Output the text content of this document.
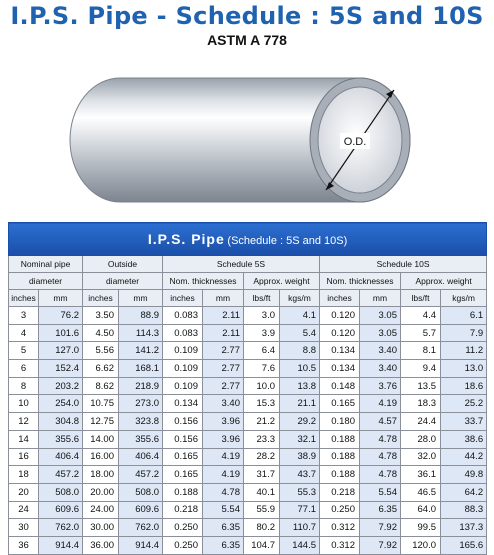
I.P.S. Pipe - Schedule : 5S and 10S
ASTM A 778
O.D.
I.P.S. Pipe (Schedule : 5S and 10S)											
Nominal pipe		Outside		Schedule 5S				Schedule 10S			
diameter		diameter		Nom. thicknesses		Approx. weight		Nom. thicknesses		Approx. weight	
inches	mm	inches	mm	inches	mm	lbs/ft	kgs/m	inches	mm	lbs/ft	kgs/m
3	76.2	3.50	88.9	0.083	2.11	3.0	4.1	0.120	3.05	4.4	6.1
4	101.6	4.50	114.3	0.083	2.11	3.9	5.4	0.120	3.05	5.7	7.9
5	127.0	5.56	141.2	0.109	2.77	6.4	8.8	0.134	3.40	8.1	11.2
6	152.4	6.62	168.1	0.109	2.77	7.6	10.5	0.134	3.40	9.4	13.0
8	203.2	8.62	218.9	0.109	2.77	10.0	13.8	0.148	3.76	13.5	18.6
10	254.0	10.75	273.0	0.134	3.40	15.3	21.1	0.165	4.19	18.3	25.2
12	304.8	12.75	323.8	0.156	3.96	21.2	29.2	0.180	4.57	24.4	33.7
14	355.6	14.00	355.6	0.156	3.96	23.3	32.1	0.188	4.78	28.0	38.6
16	406.4	16.00	406.4	0.165	4.19	28.2	38.9	0.188	4.78	32.0	44.2
18	457.2	18.00	457.2	0.165	4.19	31.7	43.7	0.188	4.78	36.1	49.8
20	508.0	20.00	508.0	0.188	4.78	40.1	55.3	0.218	5.54	46.5	64.2
24	609.6	24.00	609.6	0.218	5.54	55.9	77.1	0.250	6.35	64.0	88.3
30	762.0	30.00	762.0	0.250	6.35	80.2	110.7	0.312	7.92	99.5	137.3
36	914.4	36.00	914.4	0.250	6.35	104.7	144.5	0.312	7.92	120.0	165.6
